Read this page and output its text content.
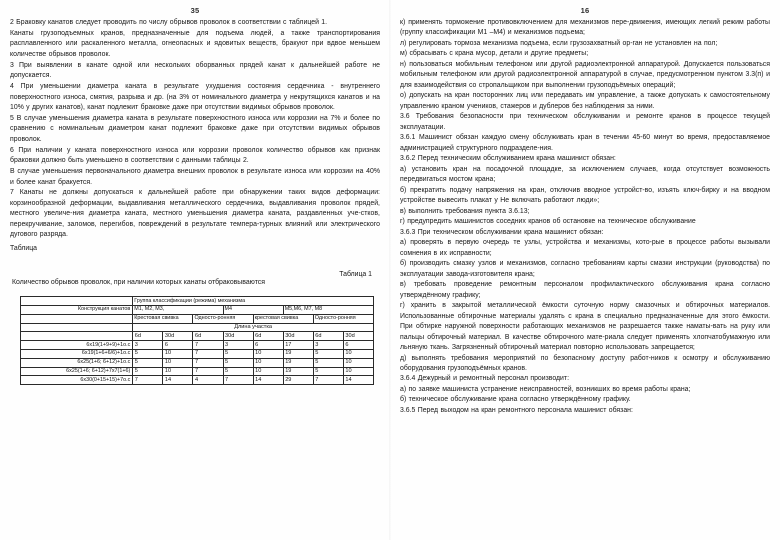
35

2 Браковку канатов следует проводить по числу обрывов проволок в соответствии с таблицей 1.

Канаты грузоподъемных кранов, предназначенные для подъема людей, а также транспортирования расплавленного или раскаленного металла, огнеопасных и ядовитых веществ, бракуют при вдвое меньшем количестве обрывов проволок.

3 При выявлении в канате одной или нескольких оборванных прядей канат к дальнейшей работе не допускается.

4 При уменьшении диаметра каната в результате ухудшения состояния сердечника - внутреннего поверхностного износа, смятия, разрыва и др. (на 3% от номинального диаметра у некрутящихся канатов и на 10% у других канатов), канат подлежит браковке даже при отсутствии видимых обрывов проволок.

5 В случае уменьшения диаметра каната в результате поверхностного износа или коррозии на 7% и более по сравнению с номинальным диаметром канат подлежит браковке даже при отсутствии видимых обрывов проволок.

6 При наличии у каната поверхностного износа или коррозии проволок количество обрывов как признак браковки должно быть уменьшено в соответствии с данными таблицы 2.

В случае уменьшения первоначального диаметра внешних проволок в результате износа или коррозии на 40% и более канат бракуется.

7 Канаты не должны допускаться к дальнейшей работе при обнаружении таких видов деформации: корзинообразной деформации, выдавливания металлического сердечника, выдавливания проволок прядей, местного увеличе-ния диаметра каната, местного уменьшения диаметра каната, раздавленных уче-стков, перекручивание, заломов, перегибов, повреждений в результате темпера-турных влияний или электрического дугового разряда.

Таблица

Таблица 1

Количество обрывов проволок, при наличии которых канаты отбраковываются

	Группа классификации (режима) механизма							
Конструкция канатов	М1, М2, М3,			М4		М5,М6, М7, М8		
	Крестовая свивка		Односто-ронняя		крестовая свивка		Односто-ронняя	
	Длина участка							
	6d	30d	6d	30d	6d	30d	6d	30d
6х19(1+9+9)+1о.с	3	6	7	3	6	17	3	6
6х19(1+6+6/6)+1о.с	5	10	7	5	10	19	5	10
6х25(1+6; 6+12)+1о.с	5	10	7	5	10	19	5	10
6х25(1+6; 6+12)+7х7(1+6)	5	10	7	5	10	19	5	10
6х30(0+15+15)+7о.с	7	14	4	7	14	29	7	14
16

к) применять торможение противовключением для механизмов пере-движения, имеющих легкий режим работы (группу классификации М1 –М4) и механизмов подъема;

л) регулировать тормоза механизма подъема, если грузозахватный ор-ган не установлен на пол;

м) сбрасывать с крана мусор, детали и другие предметы;

н) пользоваться мобильным телефоном или другой радиоэлектронной аппаратурой. Допускается пользоваться мобильным телефоном или другой радиоэлектронной аппаратурой в случае, предусмотренном пунктом 3.3(п) и для взаимодействия со стропальщиком при выполнении грузоподъёмных операций;

о) допускать на кран посторонних лиц или передавать им управление, а также допускать к самостоятельному управлению краном учеников, стажеров и дублеров без наблюдения за ними.

3.6 Требования безопасности при техническом обслуживании и ремонте кранов в процессе текущей эксплуатации.

3.6.1 Машинист обязан каждую смену обслуживать кран в течении 45-60 минут во время, предоставляемое администрацией структурного подразделе-ния.

3.6.2 Перед техническим обслуживанием крана машинист обязан:

а) установить кран на посадочной площадке, за исключением случаев, когда отсутствует возможность передвигаться мостом крана;

б) прекратить подачу напряжения на кран, отключив вводное устройст-во, изъять ключ-бирку и на вводном устройстве вывесить плакат у Не включать работают люди»;

в) выполнить требования пункта 3.6.13;

г) предупредить машинистов соседних кранов об остановке на техническое обслуживание

3.6.3 При техническом обслуживании крана машинист обязан:

а) проверять в первую очередь те узлы, устройства и механизмы, кото-рые в процессе работы вызывали сомнения в их исправности;

б) производить смазку узлов и механизмов, согласно требованиям карты смазки инструкции (руководства) по эксплуатации завода-изготовителя крана;

в) требовать проведение ремонтным персоналом профилактического обслуживания крана согласно утверждённому графику;

г) хранить в закрытой металлической ёмкости суточную норму смазочных и обтирочных материалов. Использованные обтирочные материалы удалять с крана в специально предназначенные для этого ёмкости. При обтирке наружной поверхности работающих механизмов не разрешается также наматы-вать на руку или пальцы обтирочный материал. В качестве обтирочного мате-риала следует применять хлопчатобумажную или льняную ткань. Загрязненный обтирочный материал повторно использовать запрещается;

д) выполнять требования мероприятий по безопасному доступу работ-ников к осмотру и обслуживанию оборудования грузоподъёмных кранов.

3.6.4 Дежурный и ремонтный персонал производит:

а) по заявке машиниста устранение неисправностей, возникших во время работы крана;

б) техническое обслуживание крана согласно утверждённому графику.

3.6.5 Перед выходом на кран ремонтного персонала машинист обязан:
